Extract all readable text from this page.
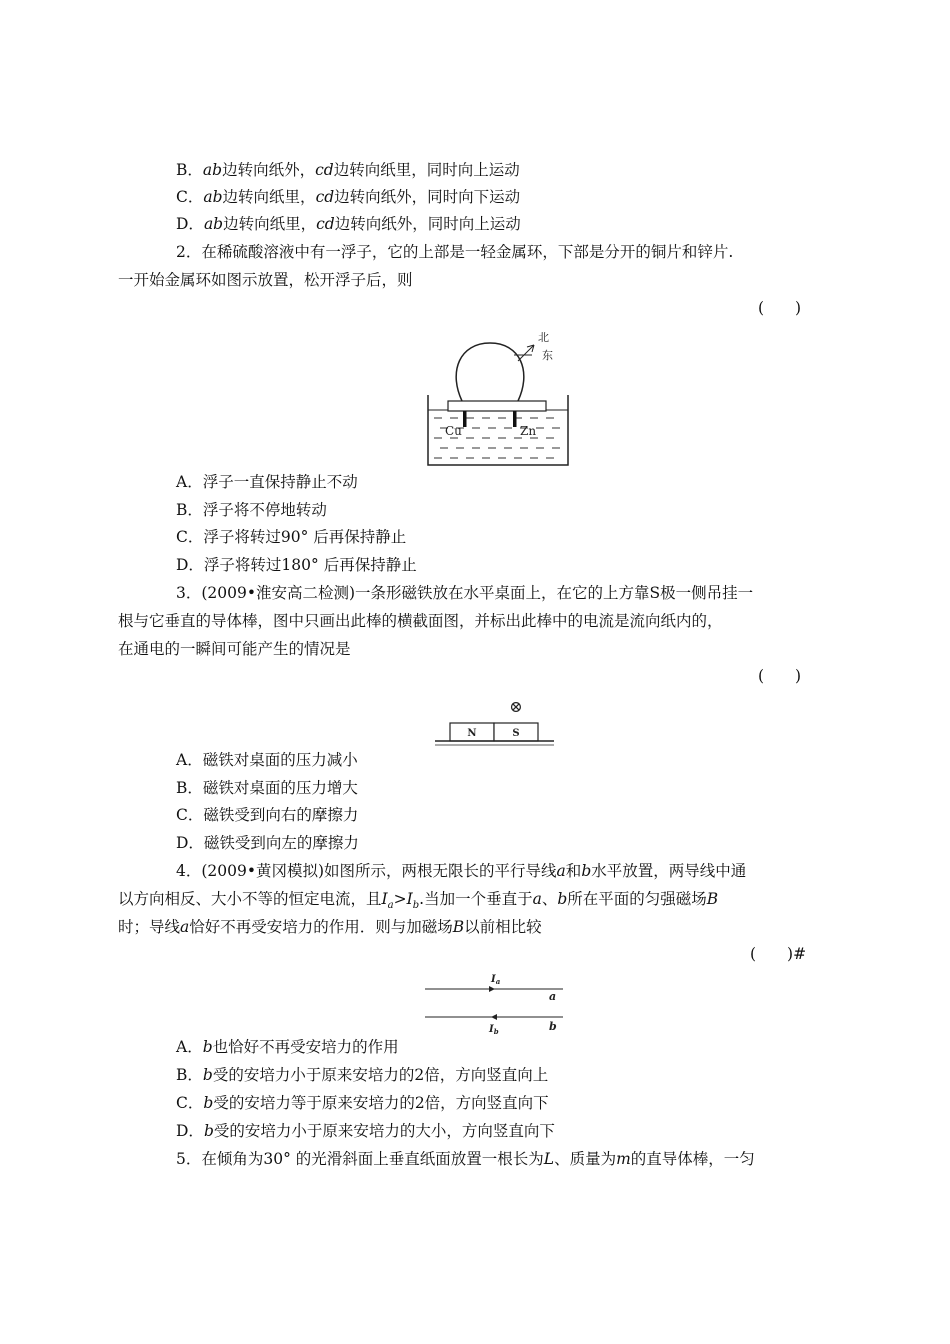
B．ab边转向纸外，cd边转向纸里，同时向上运动
C．ab边转向纸里，cd边转向纸外，同时向下运动
D．ab边转向纸里，cd边转向纸外，同时向上运动
2．在稀硫酸溶液中有一浮子，它的上部是一轻金属环，下部是分开的铜片和锌片.
一开始金属环如图示放置，松开浮子后，则
(　　)
Cu	Zn
北
东
A．浮子一直保持静止不动
B．浮子将不停地转动
C．浮子将转过90° 后再保持静止
D．浮子将转过180° 后再保持静止
3．(2009•淮安高二检测)一条形磁铁放在水平桌面上，在它的上方靠S极一侧吊挂一
根与它垂直的导体棒，图中只画出此棒的横截面图，并标出此棒中的电流是流向纸内的，
在通电的一瞬间可能产生的情况是
(　　)
⊗
N	S
A．磁铁对桌面的压力减小
B．磁铁对桌面的压力增大
C．磁铁受到向右的摩擦力
D．磁铁受到向左的摩擦力
4．(2009•黄冈模拟)如图所示，两根无限长的平行导线a和b水平放置，两导线中通
以方向相反、大小不等的恒定电流，且$I_a>I_b$.当加一个垂直于a、b所在平面的匀强磁场B
时；导线a恰好不再受安培力的作用．则与加磁场B以前相比较
(　　)#
$I_a$
a
$I_b$	b
A．b也恰好不再受安培力的作用
B．b受的安培力小于原来安培力的2倍，方向竖直向上
C．b受的安培力等于原来安培力的2倍，方向竖直向下
D．b受的安培力小于原来安培力的大小，方向竖直向下
5．在倾角为30° 的光滑斜面上垂直纸面放置一根长为L、质量为m的直导体棒，一匀
